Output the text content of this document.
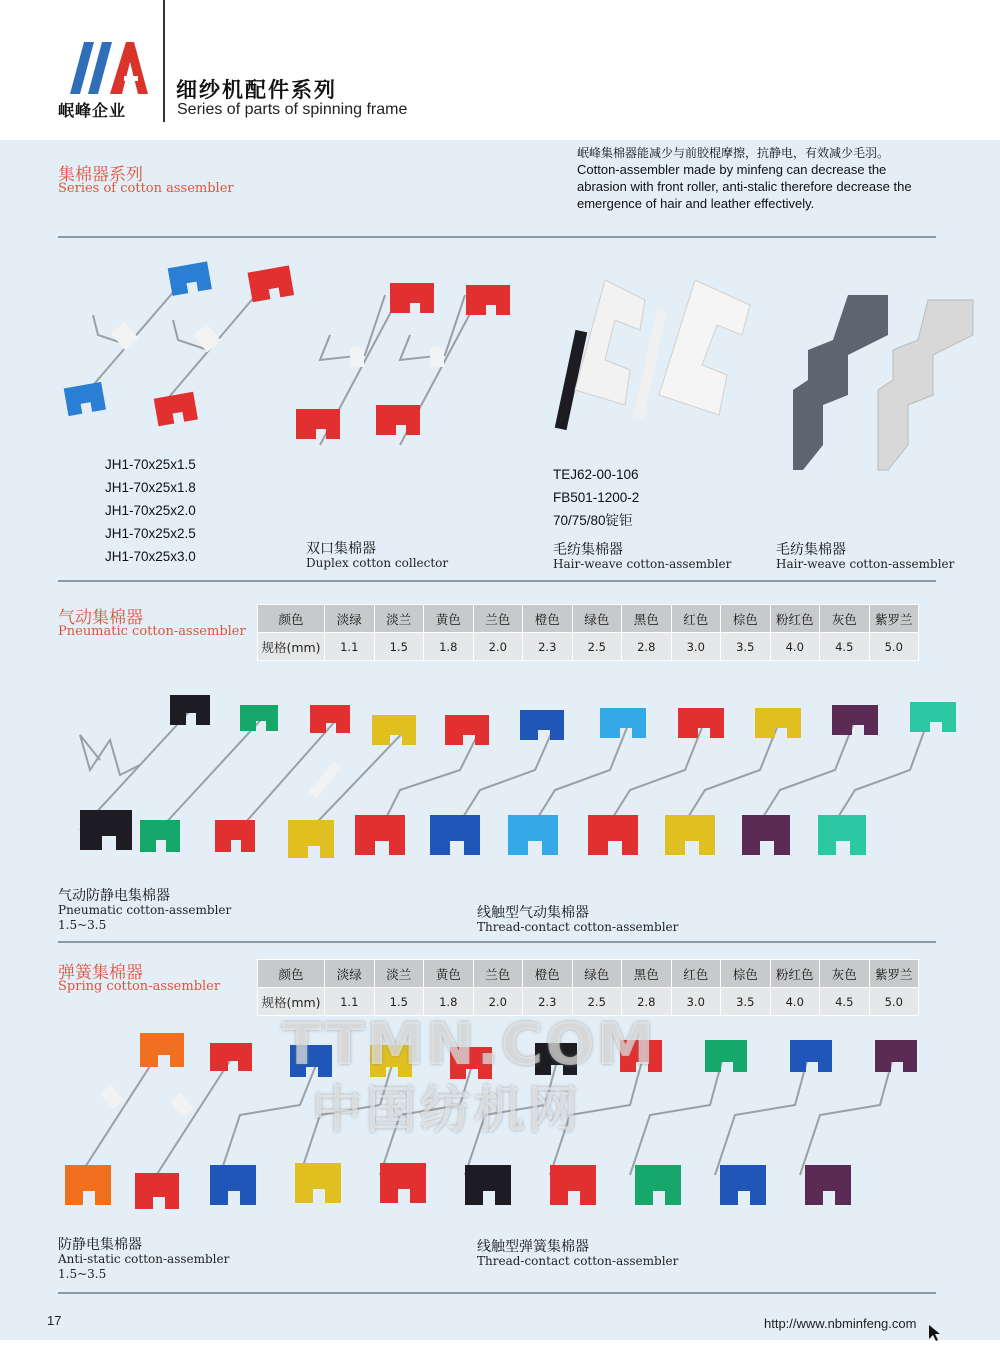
岷峰企业
细纱机配件系列
Series of parts of spinning frame
集棉器系列
Series of cotton assembler
岷峰集棉器能减少与前胶棍摩擦，抗静电，有效减少毛羽。
Cotton-assembler made by minfeng can decrease the
abrasion with front roller, anti-stalic therefore decrease the
emergence of hair and leather effectively.
JH1-70x25x1.5
JH1-70x25x1.8
JH1-70x25x2.0
JH1-70x25x2.5
JH1-70x25x3.0	双口集棉器
Duplex cotton collector
TEJ62-00-106
FB501-1200-2
70/75/80锭钜
毛纺集棉器
Hair-weave cotton-assembler
毛纺集棉器
Hair-weave cotton-assembler
气动集棉器
Pneumatic cotton-assembler
颜色	淡绿	淡兰	黄色	兰色	橙色	绿色	黑色	红色	棕色	粉红色	灰色	紫罗兰
规格(mm)	1.1	1.5	1.8	2.0	2.3	2.5	2.8	3.0	3.5	4.0	4.5	5.0
气动防静电集棉器
Pneumatic cotton-assembler
1.5~3.5
线触型气动集棉器
Thread-contact cotton-assembler
弹簧集棉器
Spring cotton-assembler
颜色	淡绿	淡兰	黄色	兰色	橙色	绿色	黑色	红色	棕色	粉红色	灰色	紫罗兰
规格(mm)	1.1	1.5	1.8	2.0	2.3	2.5	2.8	3.0	3.5	4.0	4.5	5.0
TTMN.COM
中国纺机网
防静电集棉器
Anti-static cotton-assembler
1.5~3.5
线触型弹簧集棉器
Thread-contact cotton-assembler
17	http://www.nbminfeng.com
